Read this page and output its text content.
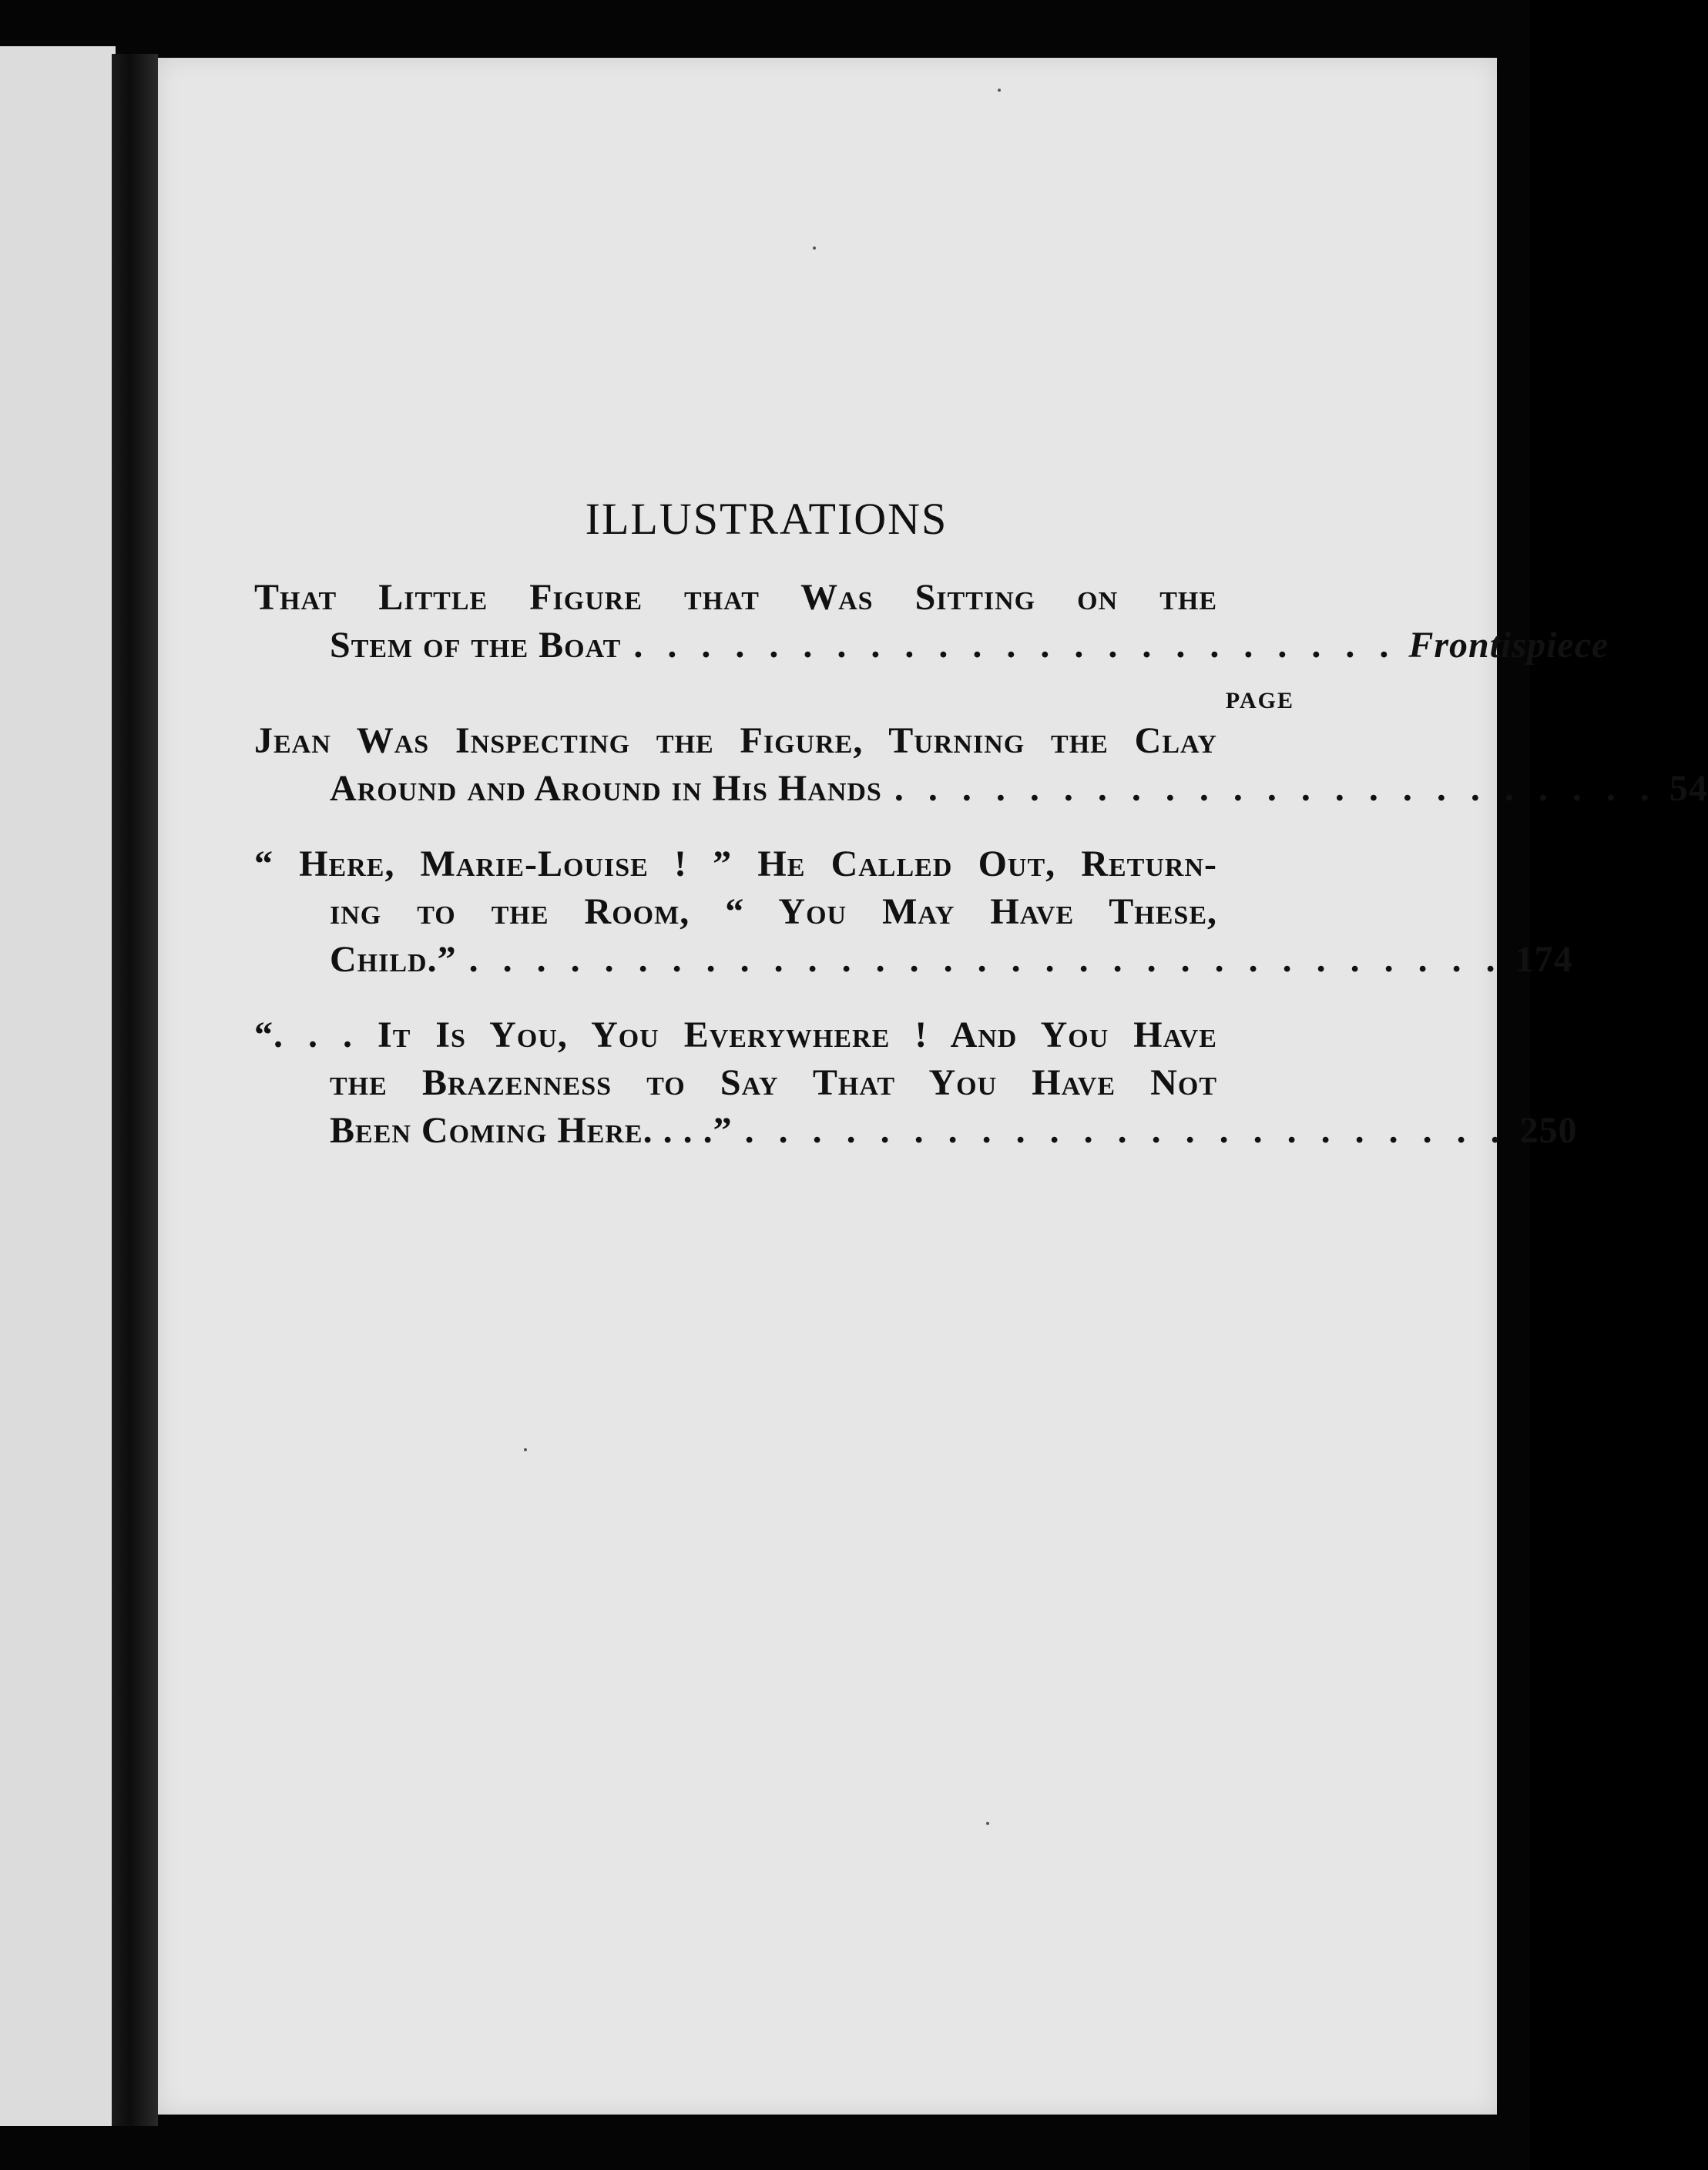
ILLUSTRATIONS
That Little Figure that Was Sitting on the
Stem of the Boat . . . . . . . . . . . . . . . . . . . . . . . Frontispiece
PAGE
Jean Was Inspecting the Figure, Turning the Clay
Around and Around in His Hands . . . . . . . . . . . . . . . . . . . . . . . 54
“ Here, Marie-Louise ! ” He Called Out, Return-
ing to the Room, “ You May Have These,
Child.” . . . . . . . . . . . . . . . . . . . . . . . . . . . . . . . 174
“. . . It Is You, You Everywhere ! And You Have
the Brazenness to Say That You Have Not
Been Coming Here. . . .” . . . . . . . . . . . . . . . . . . . . . . . 250
